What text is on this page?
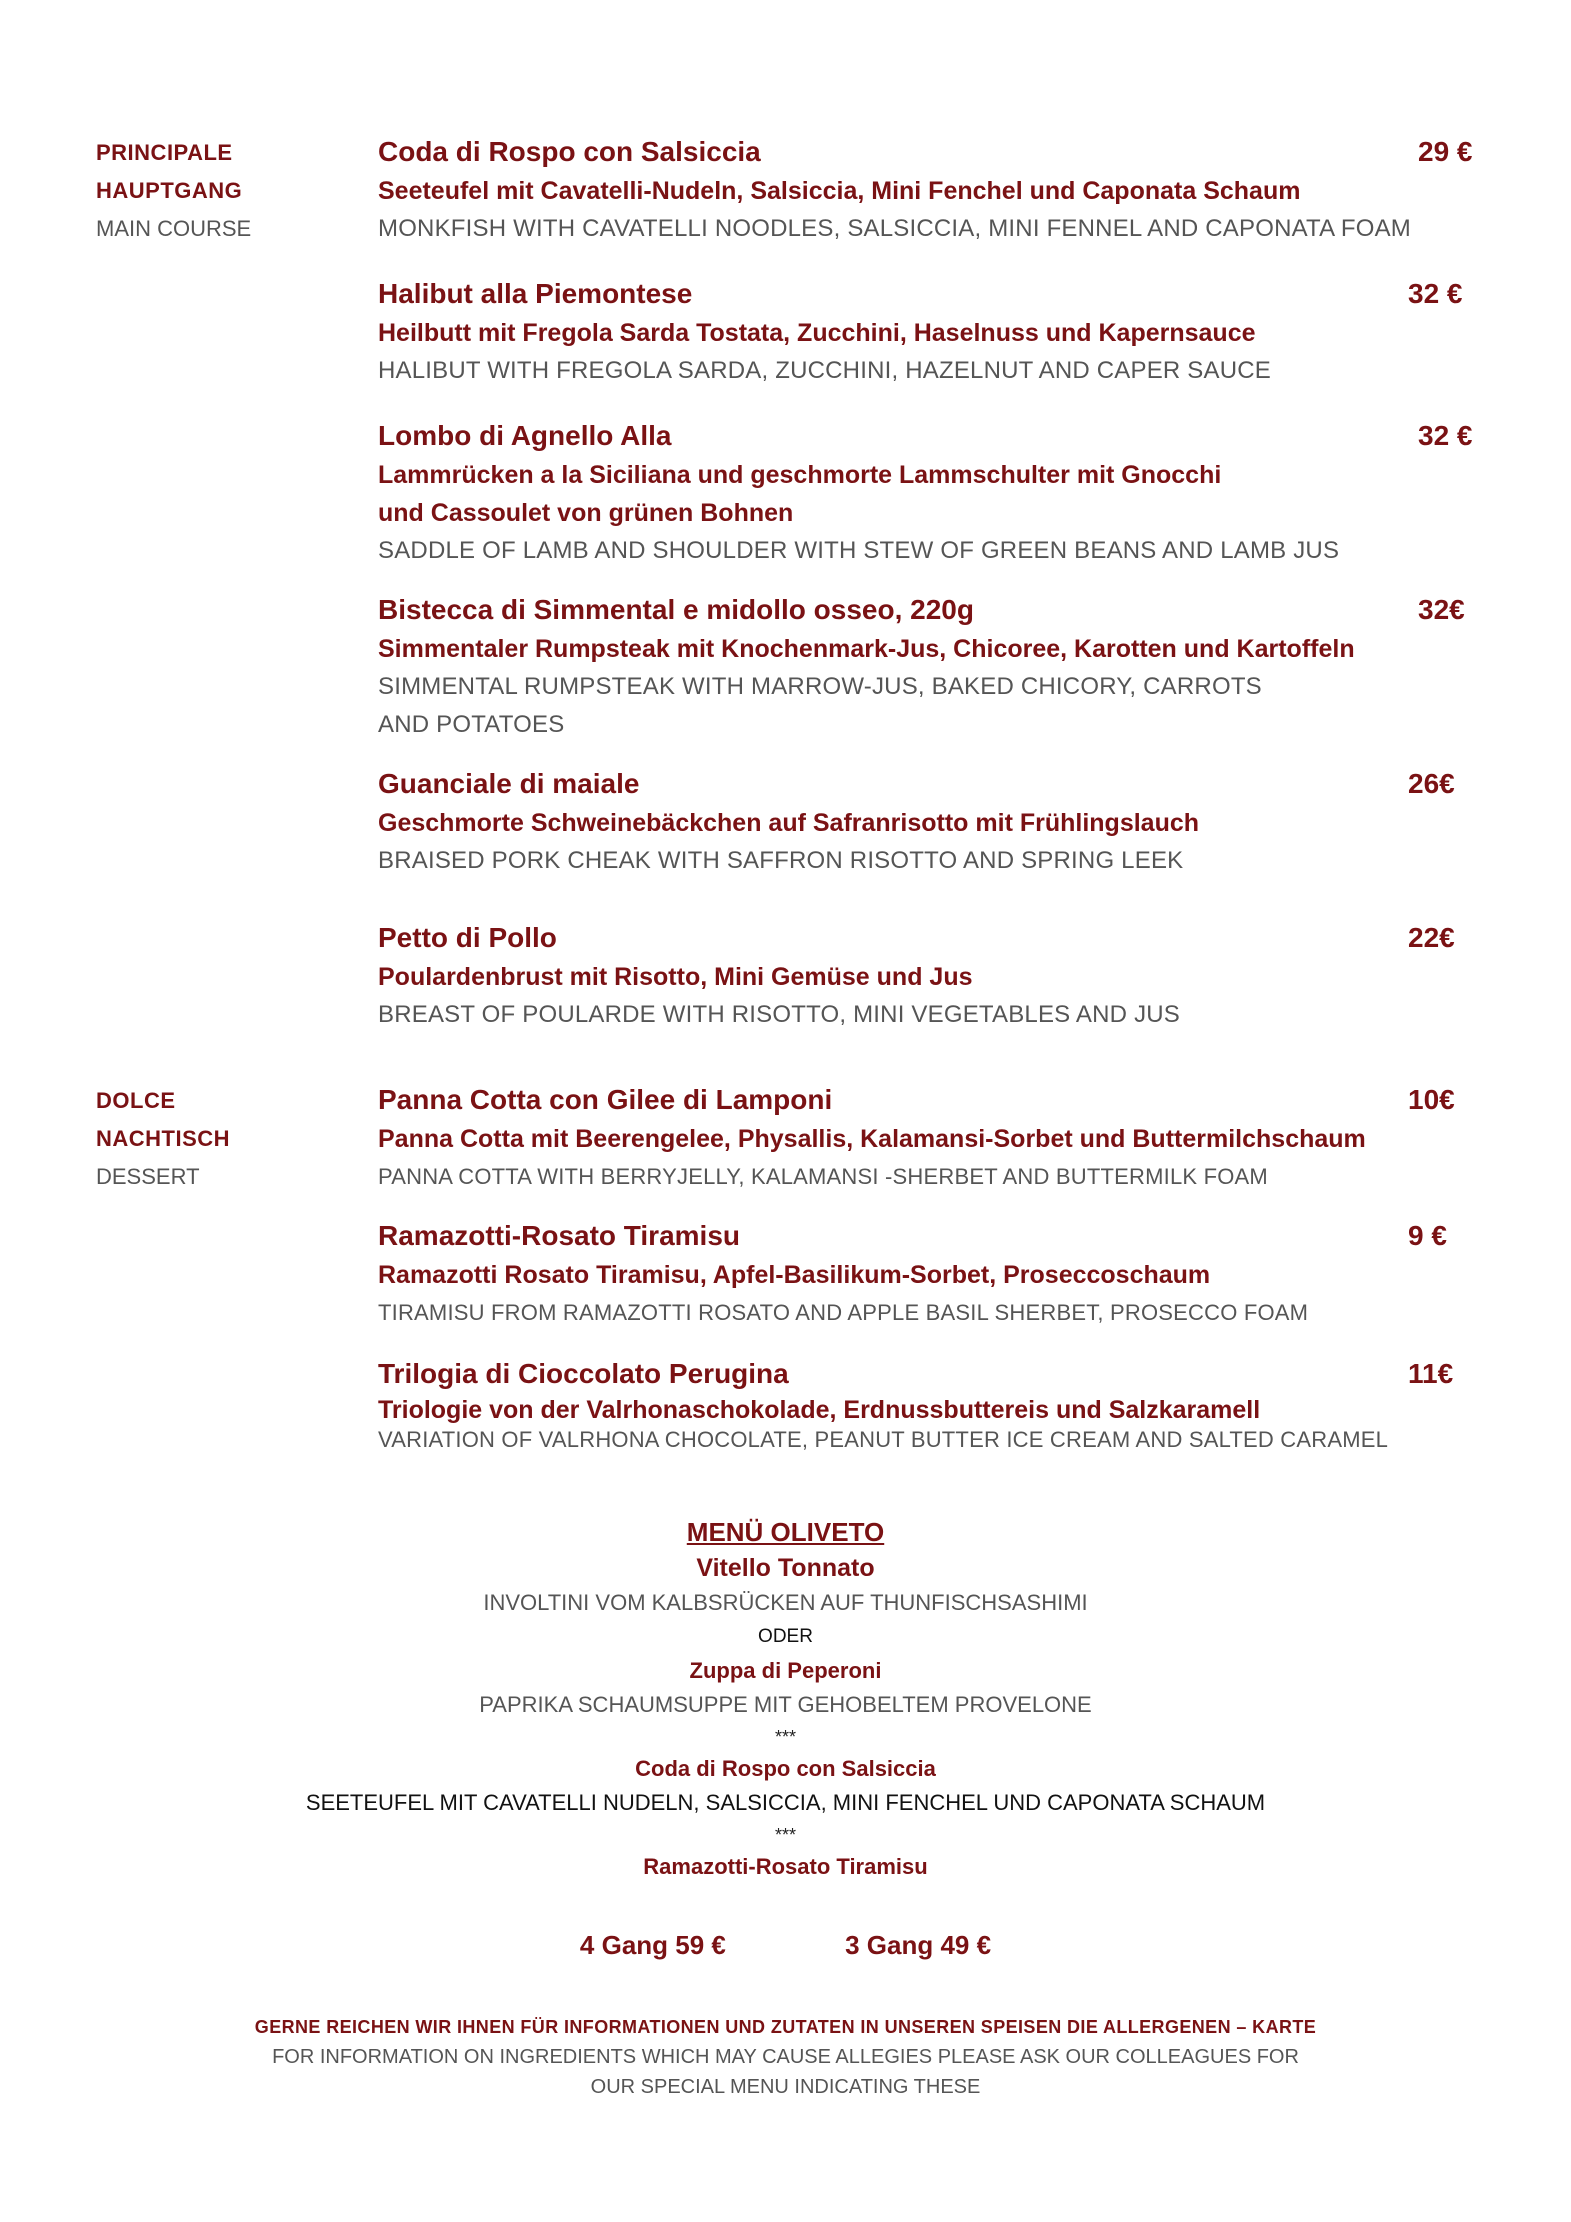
PRINCIPALE
HAUPTGANG
MAIN COURSE
DOLCE
NACHTISCH
DESSERT
Coda di Rospo con Salsiccia	29 €
Seeteufel mit Cavatelli-Nudeln, Salsiccia, Mini Fenchel und Caponata Schaum
MONKFISH WITH CAVATELLI NOODLES, SALSICCIA, MINI FENNEL AND CAPONATA FOAM
Halibut alla Piemontese	32 €
Heilbutt mit Fregola Sarda Tostata, Zucchini, Haselnuss und Kapernsauce
HALIBUT WITH FREGOLA SARDA, ZUCCHINI, HAZELNUT AND CAPER SAUCE
Lombo di Agnello Alla	32 €
Lammrücken a la Siciliana und geschmorte Lammschulter mit Gnocchi
und Cassoulet von grünen Bohnen
SADDLE OF LAMB AND SHOULDER WITH STEW OF GREEN BEANS AND LAMB JUS
Bistecca di Simmental e midollo osseo, 220g	32€
Simmentaler Rumpsteak mit Knochenmark-Jus, Chicoree, Karotten und Kartoffeln
SIMMENTAL RUMPSTEAK WITH MARROW-JUS, BAKED CHICORY, CARROTS
AND POTATOES
Guanciale di maiale	26€
Geschmorte Schweinebäckchen auf Safranrisotto mit Frühlingslauch
BRAISED PORK CHEAK WITH SAFFRON RISOTTO AND SPRING LEEK
Petto di Pollo	22€
Poulardenbrust mit Risotto, Mini Gemüse und Jus
BREAST OF POULARDE WITH RISOTTO, MINI VEGETABLES AND JUS
Panna Cotta con Gilee di Lamponi	10€
Panna Cotta mit Beerengelee, Physallis, Kalamansi-Sorbet und Buttermilchschaum
PANNA COTTA WITH BERRYJELLY, KALAMANSI -SHERBET AND BUTTERMILK FOAM
Ramazotti-Rosato Tiramisu	9 €
Ramazotti Rosato Tiramisu, Apfel-Basilikum-Sorbet, Proseccoschaum
TIRAMISU FROM RAMAZOTTI ROSATO AND APPLE BASIL SHERBET, PROSECCO FOAM
Trilogia di Cioccolato Perugina	11€
Triologie von der Valrhonaschokolade, Erdnussbuttereis und Salzkaramell
VARIATION OF VALRHONA CHOCOLATE, PEANUT BUTTER ICE CREAM AND SALTED CARAMEL
MENÜ OLIVETO
Vitello Tonnato
INVOLTINI VOM KALBSRÜCKEN AUF THUNFISCHSASHIMI
ODER
Zuppa di Peperoni
PAPRIKA SCHAUMSUPPE MIT GEHOBELTEM PROVELONE
***
Coda di Rospo con Salsiccia
SEETEUFEL MIT CAVATELLI NUDELN, SALSICCIA, MINI FENCHEL UND CAPONATA SCHAUM
***
Ramazotti-Rosato Tiramisu
4 Gang 59 €	3 Gang 49 €
GERNE REICHEN WIR IHNEN FÜR INFORMATIONEN UND ZUTATEN IN UNSEREN SPEISEN DIE ALLERGENEN – KARTE
FOR INFORMATION ON INGREDIENTS WHICH MAY CAUSE ALLEGIES PLEASE ASK OUR COLLEAGUES FOR
OUR SPECIAL MENU INDICATING THESE
